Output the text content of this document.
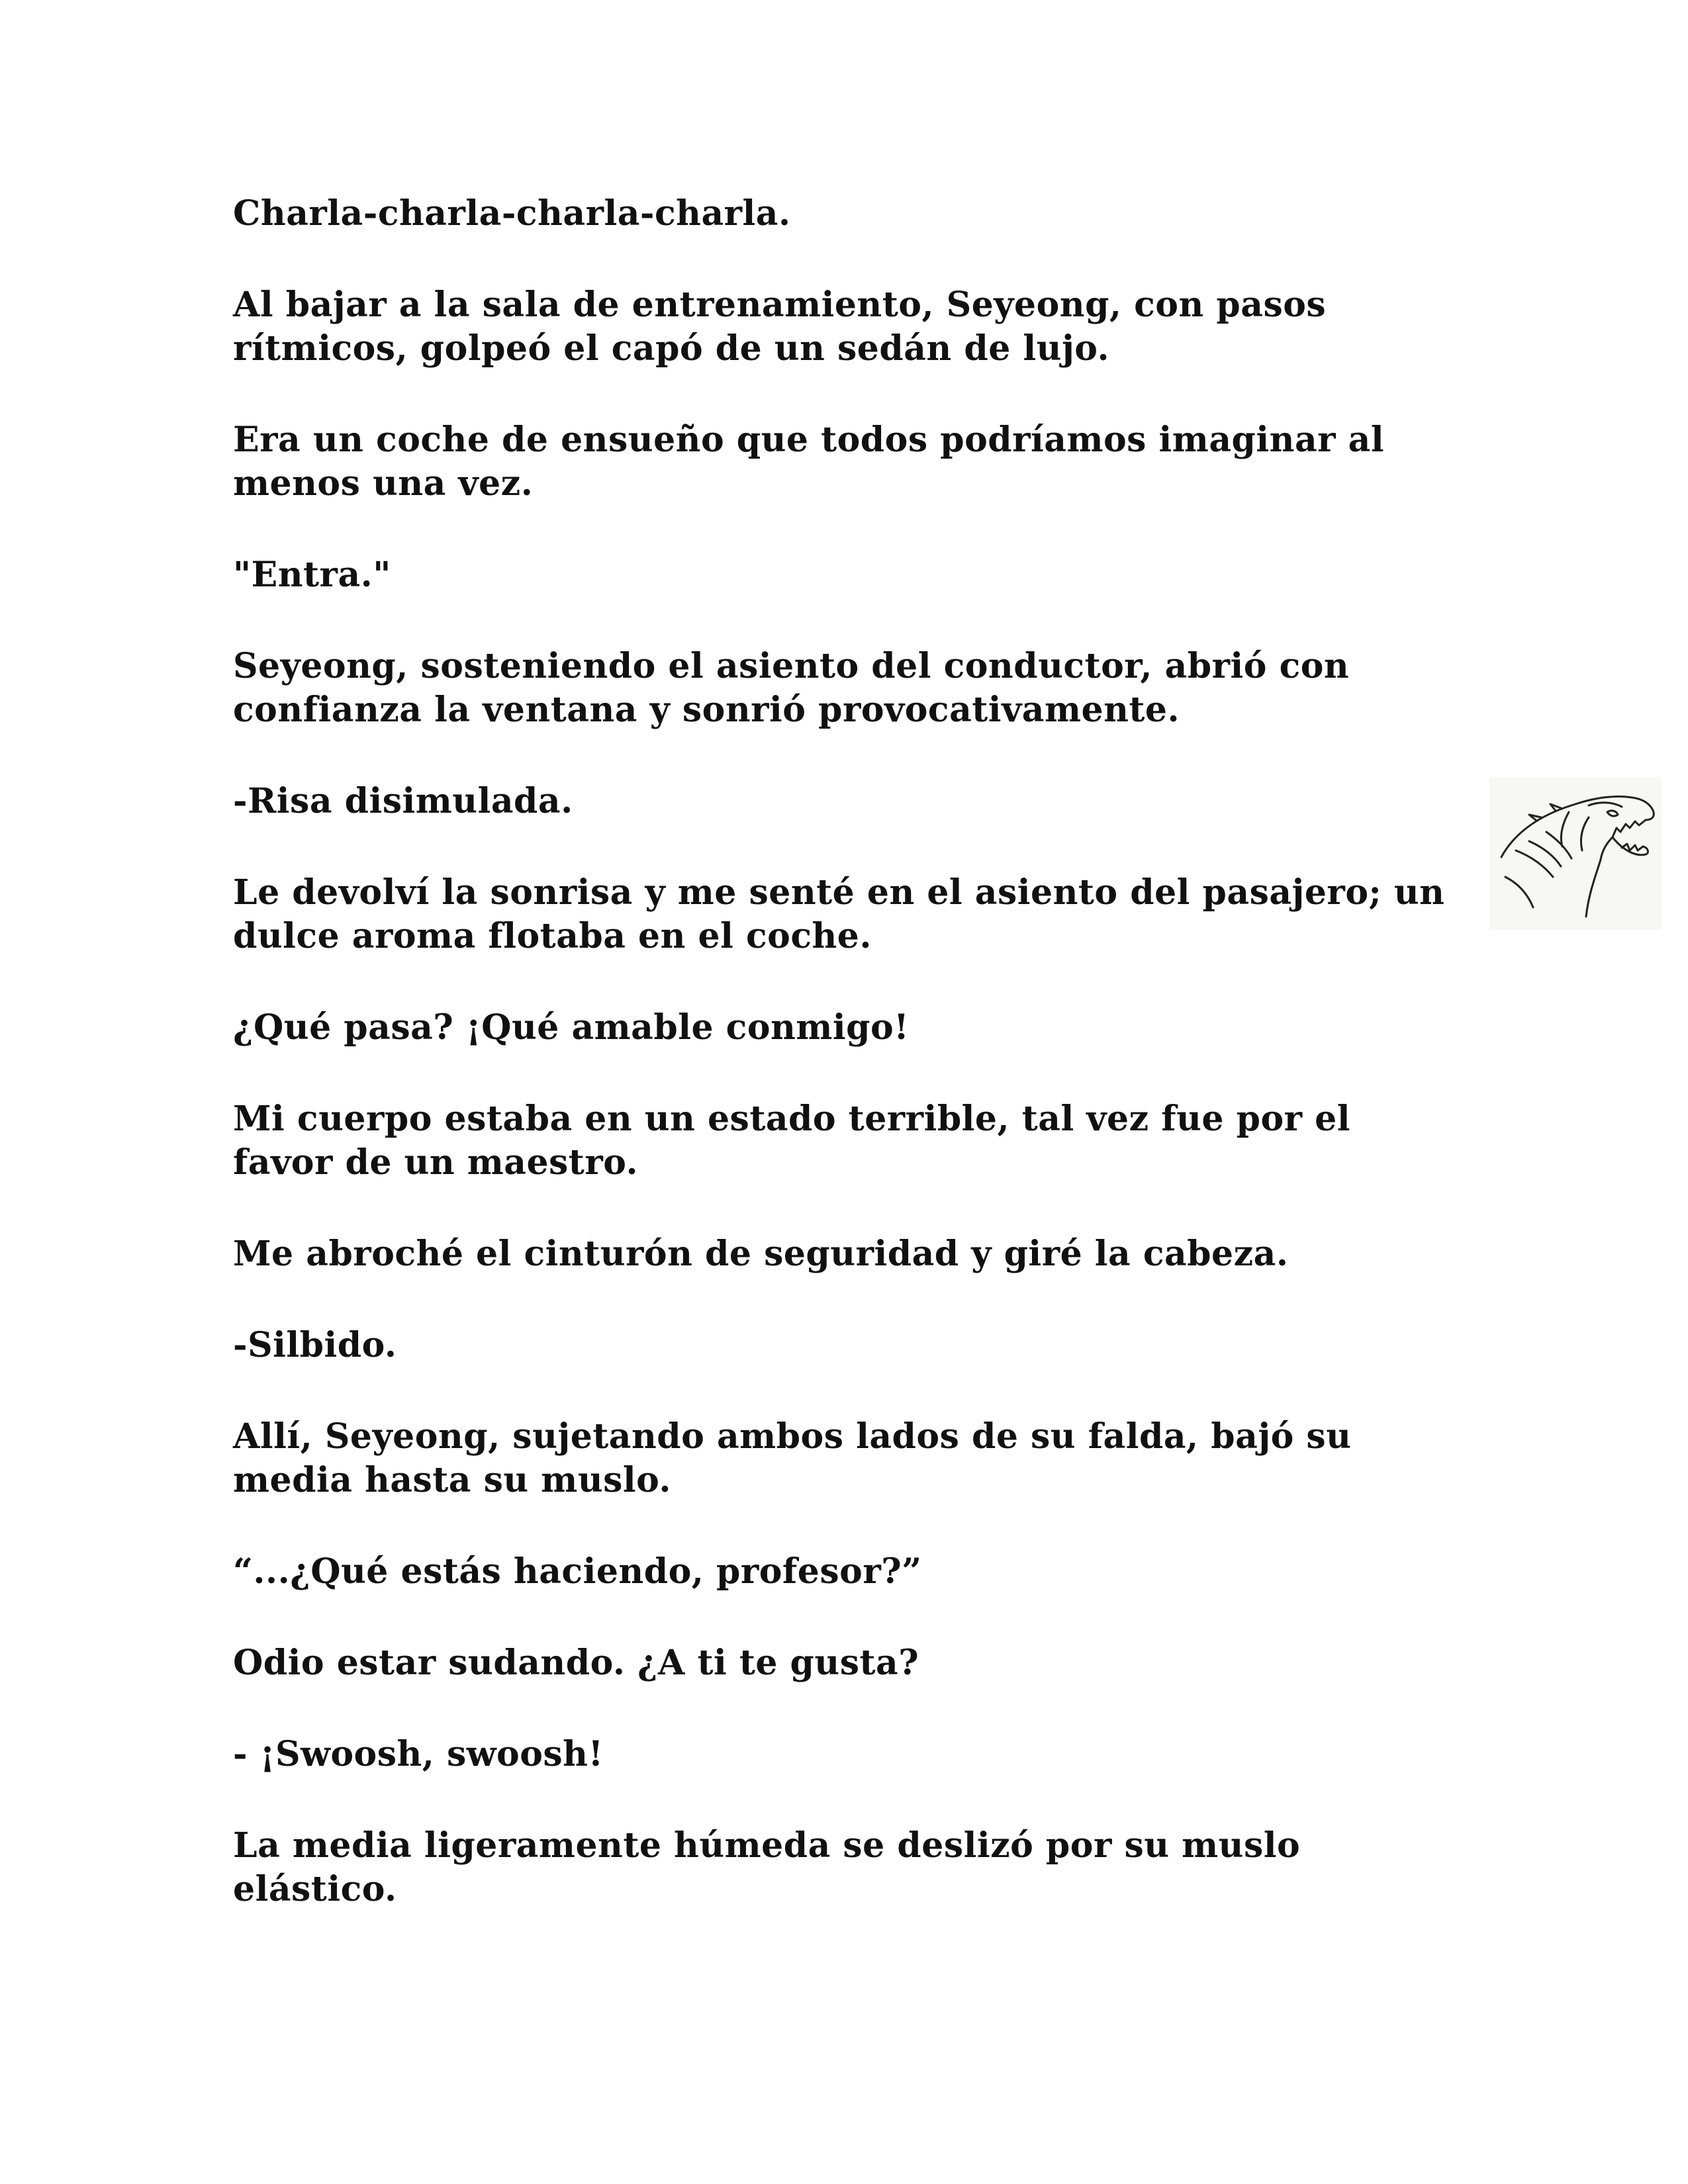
Charla-charla-charla-charla.

Al bajar a la sala de entrenamiento, Seyeong, con pasos
rítmicos, golpeó el capó de un sedán de lujo.

Era un coche de ensueño que todos podríamos imaginar al
menos una vez.

"Entra."

Seyeong, sosteniendo el asiento del conductor, abrió con
confianza la ventana y sonrió provocativamente.

-Risa disimulada.

Le devolví la sonrisa y me senté en el asiento del pasajero; un
dulce aroma flotaba en el coche.

¿Qué pasa? ¡Qué amable conmigo!

Mi cuerpo estaba en un estado terrible, tal vez fue por el
favor de un maestro.

Me abroché el cinturón de seguridad y giré la cabeza.

-Silbido.

Allí, Seyeong, sujetando ambos lados de su falda, bajó su
media hasta su muslo.

“...¿Qué estás haciendo, profesor?”

Odio estar sudando. ¿A ti te gusta?

- ¡Swoosh, swoosh!

La media ligeramente húmeda se deslizó por su muslo
elástico.
